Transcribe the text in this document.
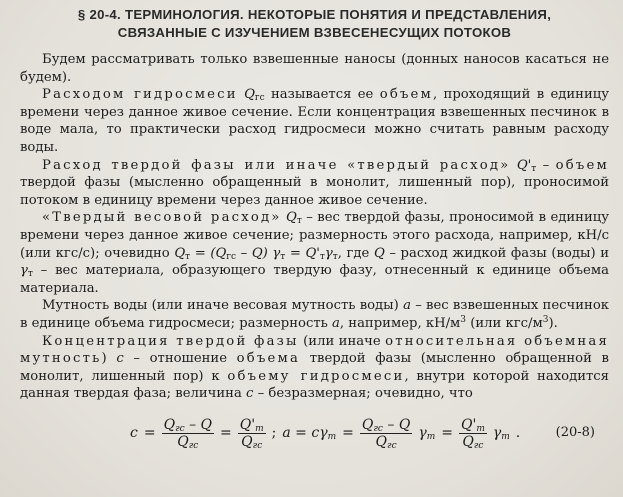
§ 20-4. ТЕРМИНОЛОГИЯ. НЕКОТОРЫЕ ПОНЯТИЯ И ПРЕДСТАВЛЕНИЯ,
СВЯЗАННЫЕ С ИЗУЧЕНИЕМ ВЗВЕСЕНЕСУЩИХ ПОТОКОВ

Будем рассматривать только взвешенные наносы (донных наносов касаться не будем).

Расходом гидросмеси $Q_{гс}$ называется ее объем, проходящий в единицу времени через данное живое сечение. Если концентрация взвешенных песчинок в воде мала, то практически расход гидросмеси можно считать равным расходу воды.

Расход твердой фазы или иначе «твердый расход» $Q'_т$ – объем твердой фазы (мысленно обращенный в монолит, лишенный пор), проносимой потоком в единицу времени через данное живое сечение.

«Твердый весовой расход» $Q_т$ – вес твердой фазы, проносимой в единицу времени через данное живое сечение; размерность этого расхода, например, кН/с (или кгс/с); очевидно $Q_т = (Q_{гс} - Q) \gamma_т = Q'_т\gamma_т$, где Q – расход жидкой фазы (воды) и $\gamma_т$ – вес материала, образующего твердую фазу, отнесенный к единице объема материала.

Мутность воды (или иначе весовая мутность воды) a – вес взвешенных песчинок в единице объема гидросмеси; размерность a, например, $кН/м^3$ (или кгс/$м^3$).

Концентрация твердой фазы (или иначе относительная объемная мутность) c – отношение объема твердой фазы (мысленно обращенной в монолит, лишенный пор) к объему гидросмеси, внутри которой находится данная твердая фаза; величина c – безразмерная; очевидно, что

$c = \frac{Q_{гс} - Q}{Q_{гс}} = \frac{Q'_т}{Q_{гс}}$ ; $a = c\gamma_т = \frac{Q_{гс} - Q}{Q_{гс}} \gamma_т = \frac{Q'_т}{Q_{гс}} \gamma_т$ .	(20-8)
